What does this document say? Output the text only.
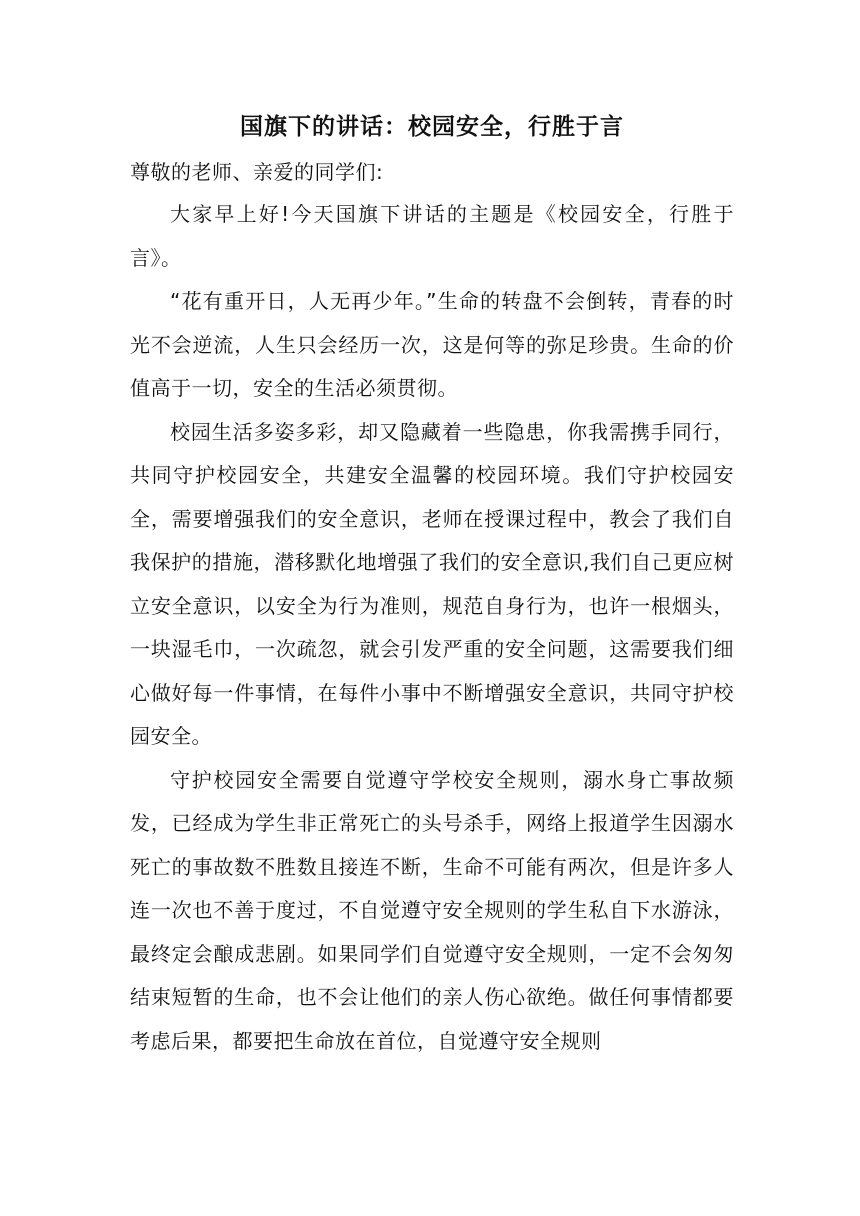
国旗下的讲话：校园安全，行胜于言

尊敬的老师、亲爱的同学们:

大家早上好!今天国旗下讲话的主题是《校园安全，行胜于言》。

“花有重开日，人无再少年。”生命的转盘不会倒转，青春的时光不会逆流，人生只会经历一次，这是何等的弥足珍贵。生命的价值高于一切，安全的生活必须贯彻。

校园生活多姿多彩，却又隐藏着一些隐患，你我需携手同行，共同守护校园安全，共建安全温馨的校园环境。我们守护校园安全，需要增强我们的安全意识，老师在授课过程中，教会了我们自我保护的措施，潜移默化地增强了我们的安全意识,我们自己更应树立安全意识，以安全为行为准则，规范自身行为，也许一根烟头，一块湿毛巾，一次疏忽，就会引发严重的安全问题，这需要我们细心做好每一件事情，在每件小事中不断增强安全意识，共同守护校园安全。

守护校园安全需要自觉遵守学校安全规则，溺水身亡事故频发，已经成为学生非正常死亡的头号杀手，网络上报道学生因溺水死亡的事故数不胜数且接连不断，生命不可能有两次，但是许多人连一次也不善于度过，不自觉遵守安全规则的学生私自下水游泳，最终定会酿成悲剧。如果同学们自觉遵守安全规则，一定不会匆匆结束短暂的生命，也不会让他们的亲人伤心欲绝。做任何事情都要考虑后果，都要把生命放在首位，自觉遵守安全规则
